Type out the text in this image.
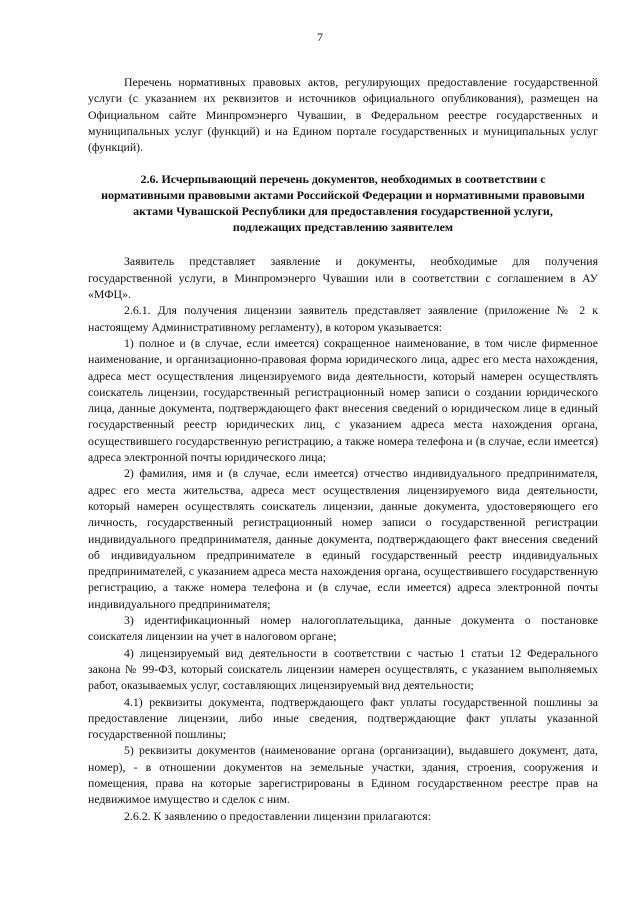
7

Перечень нормативных правовых актов, регулирующих предоставление государственной услуги (с указанием их реквизитов и источников официального опубликования), размещен на Официальном сайте Минпромэнерго Чувашии, в Федеральном реестре государственных и муниципальных услуг (функций) и на Едином портале государственных и муниципальных услуг (функций).

2.6. Исчерпывающий перечень документов, необходимых в соответствии с нормативными правовыми актами Российской Федерации и нормативными правовыми актами Чувашской Республики для предоставления государственной услуги, подлежащих представлению заявителем

Заявитель представляет заявление и документы, необходимые для получения государственной услуги, в Минпромэнерго Чувашии или в соответствии с соглашением в АУ «МФЦ».

2.6.1. Для получения лицензии заявитель представляет заявление (приложение № 2 к настоящему Административному регламенту), в котором указывается:

1) полное и (в случае, если имеется) сокращенное наименование, в том числе фирменное наименование, и организационно-правовая форма юридического лица, адрес его места нахождения, адреса мест осуществления лицензируемого вида деятельности, который намерен осуществлять соискатель лицензии, государственный регистрационный номер записи о создании юридического лица, данные документа, подтверждающего факт внесения сведений о юридическом лице в единый государственный реестр юридических лиц, с указанием адреса места нахождения органа, осуществившего государственную регистрацию, а также номера телефона и (в случае, если имеется) адреса электронной почты юридического лица;

2) фамилия, имя и (в случае, если имеется) отчество индивидуального предпринимателя, адрес его места жительства, адреса мест осуществления лицензируемого вида деятельности, который намерен осуществлять соискатель лицензии, данные документа, удостоверяющего его личность, государственный регистрационный номер записи о государственной регистрации индивидуального предпринимателя, данные документа, подтверждающего факт внесения сведений об индивидуальном предпринимателе в единый государственный реестр индивидуальных предпринимателей, с указанием адреса места нахождения органа, осуществившего государственную регистрацию, а также номера телефона и (в случае, если имеется) адреса электронной почты индивидуального предпринимателя;

3) идентификационный номер налогоплательщика, данные документа о постановке соискателя лицензии на учет в налоговом органе;

4) лицензируемый вид деятельности в соответствии с частью 1 статьи 12 Федерального закона № 99-ФЗ, который соискатель лицензии намерен осуществлять, с указанием выполняемых работ, оказываемых услуг, составляющих лицензируемый вид деятельности;

4.1) реквизиты документа, подтверждающего факт уплаты государственной пошлины за предоставление лицензии, либо иные сведения, подтверждающие факт уплаты указанной государственной пошлины;

5) реквизиты документов (наименование органа (организации), выдавшего документ, дата, номер), - в отношении документов на земельные участки, здания, строения, сооружения и помещения, права на которые зарегистрированы в Едином государственном реестре прав на недвижимое имущество и сделок с ним.

2.6.2. К заявлению о предоставлении лицензии прилагаются:
